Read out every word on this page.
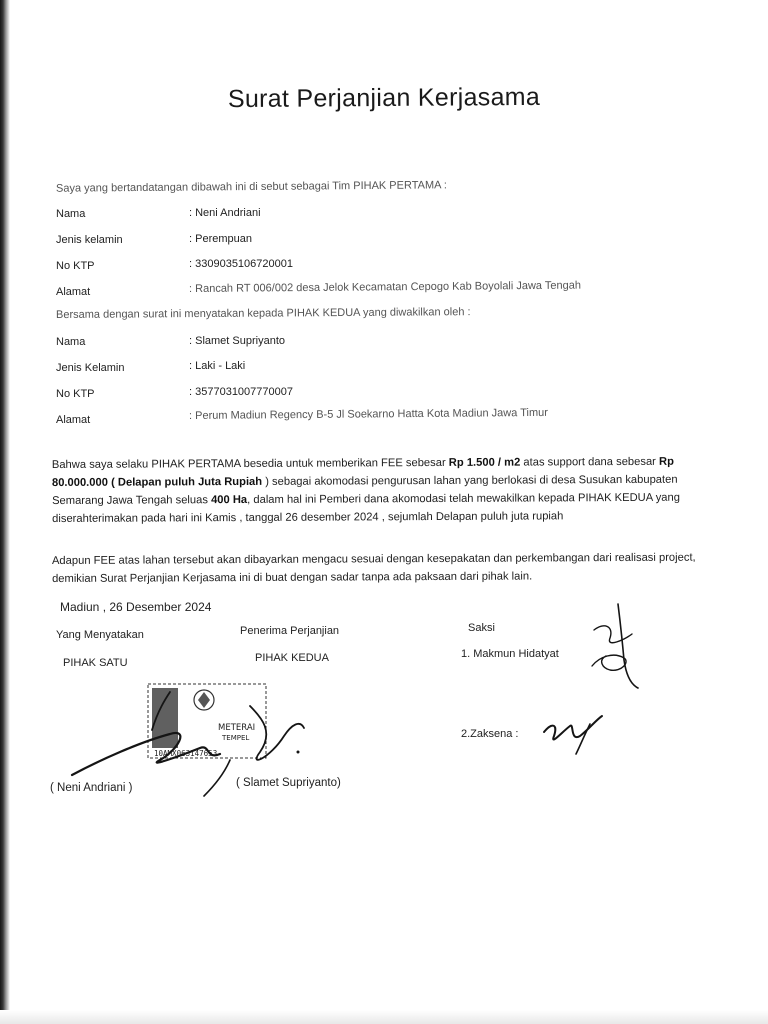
Surat Perjanjian Kerjasama
Saya yang bertandatangan dibawah ini di sebut sebagai Tim PIHAK PERTAMA :
Nama	: Neni Andriani
Jenis kelamin	: Perempuan
No KTP	: 3309035106720001
Alamat	: Rancah RT 006/002 desa Jelok Kecamatan Cepogo Kab Boyolali Jawa Tengah
Bersama dengan surat ini menyatakan kepada PIHAK KEDUA yang diwakilkan oleh :
Nama	: Slamet Supriyanto
Jenis Kelamin	: Laki - Laki
No KTP	: 3577031007770007
Alamat	: Perum Madiun Regency B-5 Jl Soekarno Hatta Kota Madiun Jawa Timur
Bahwa saya selaku PIHAK PERTAMA besedia untuk memberikan FEE sebesar Rp 1.500 / m2 atas support dana sebesar Rp 80.000.000 ( Delapan puluh Juta Rupiah ) sebagai akomodasi pengurusan lahan yang berlokasi di desa Susukan kabupaten Semarang Jawa Tengah seluas 400 Ha, dalam hal ini Pemberi dana akomodasi telah mewakilkan kepada PIHAK KEDUA yang diserahterimakan pada hari ini Kamis , tanggal 26 desember 2024 , sejumlah Delapan puluh juta rupiah
Adapun FEE atas lahan tersebut akan dibayarkan mengacu sesuai dengan kesepakatan dan perkembangan dari realisasi project, demikian Surat Perjanjian Kerjasama ini di buat dengan sadar tanpa ada paksaan dari pihak lain.
Madiun , 26 Desember 2024
Yang Menyatakan
PIHAK SATU
Penerima Perjanjian
PIHAK KEDUA
Saksi
1. Makmun Hidatyat
2.Zaksena :
METERAI
TEMPEL
10AMX063147653
( Neni Andriani )	( Slamet Supriyanto)
